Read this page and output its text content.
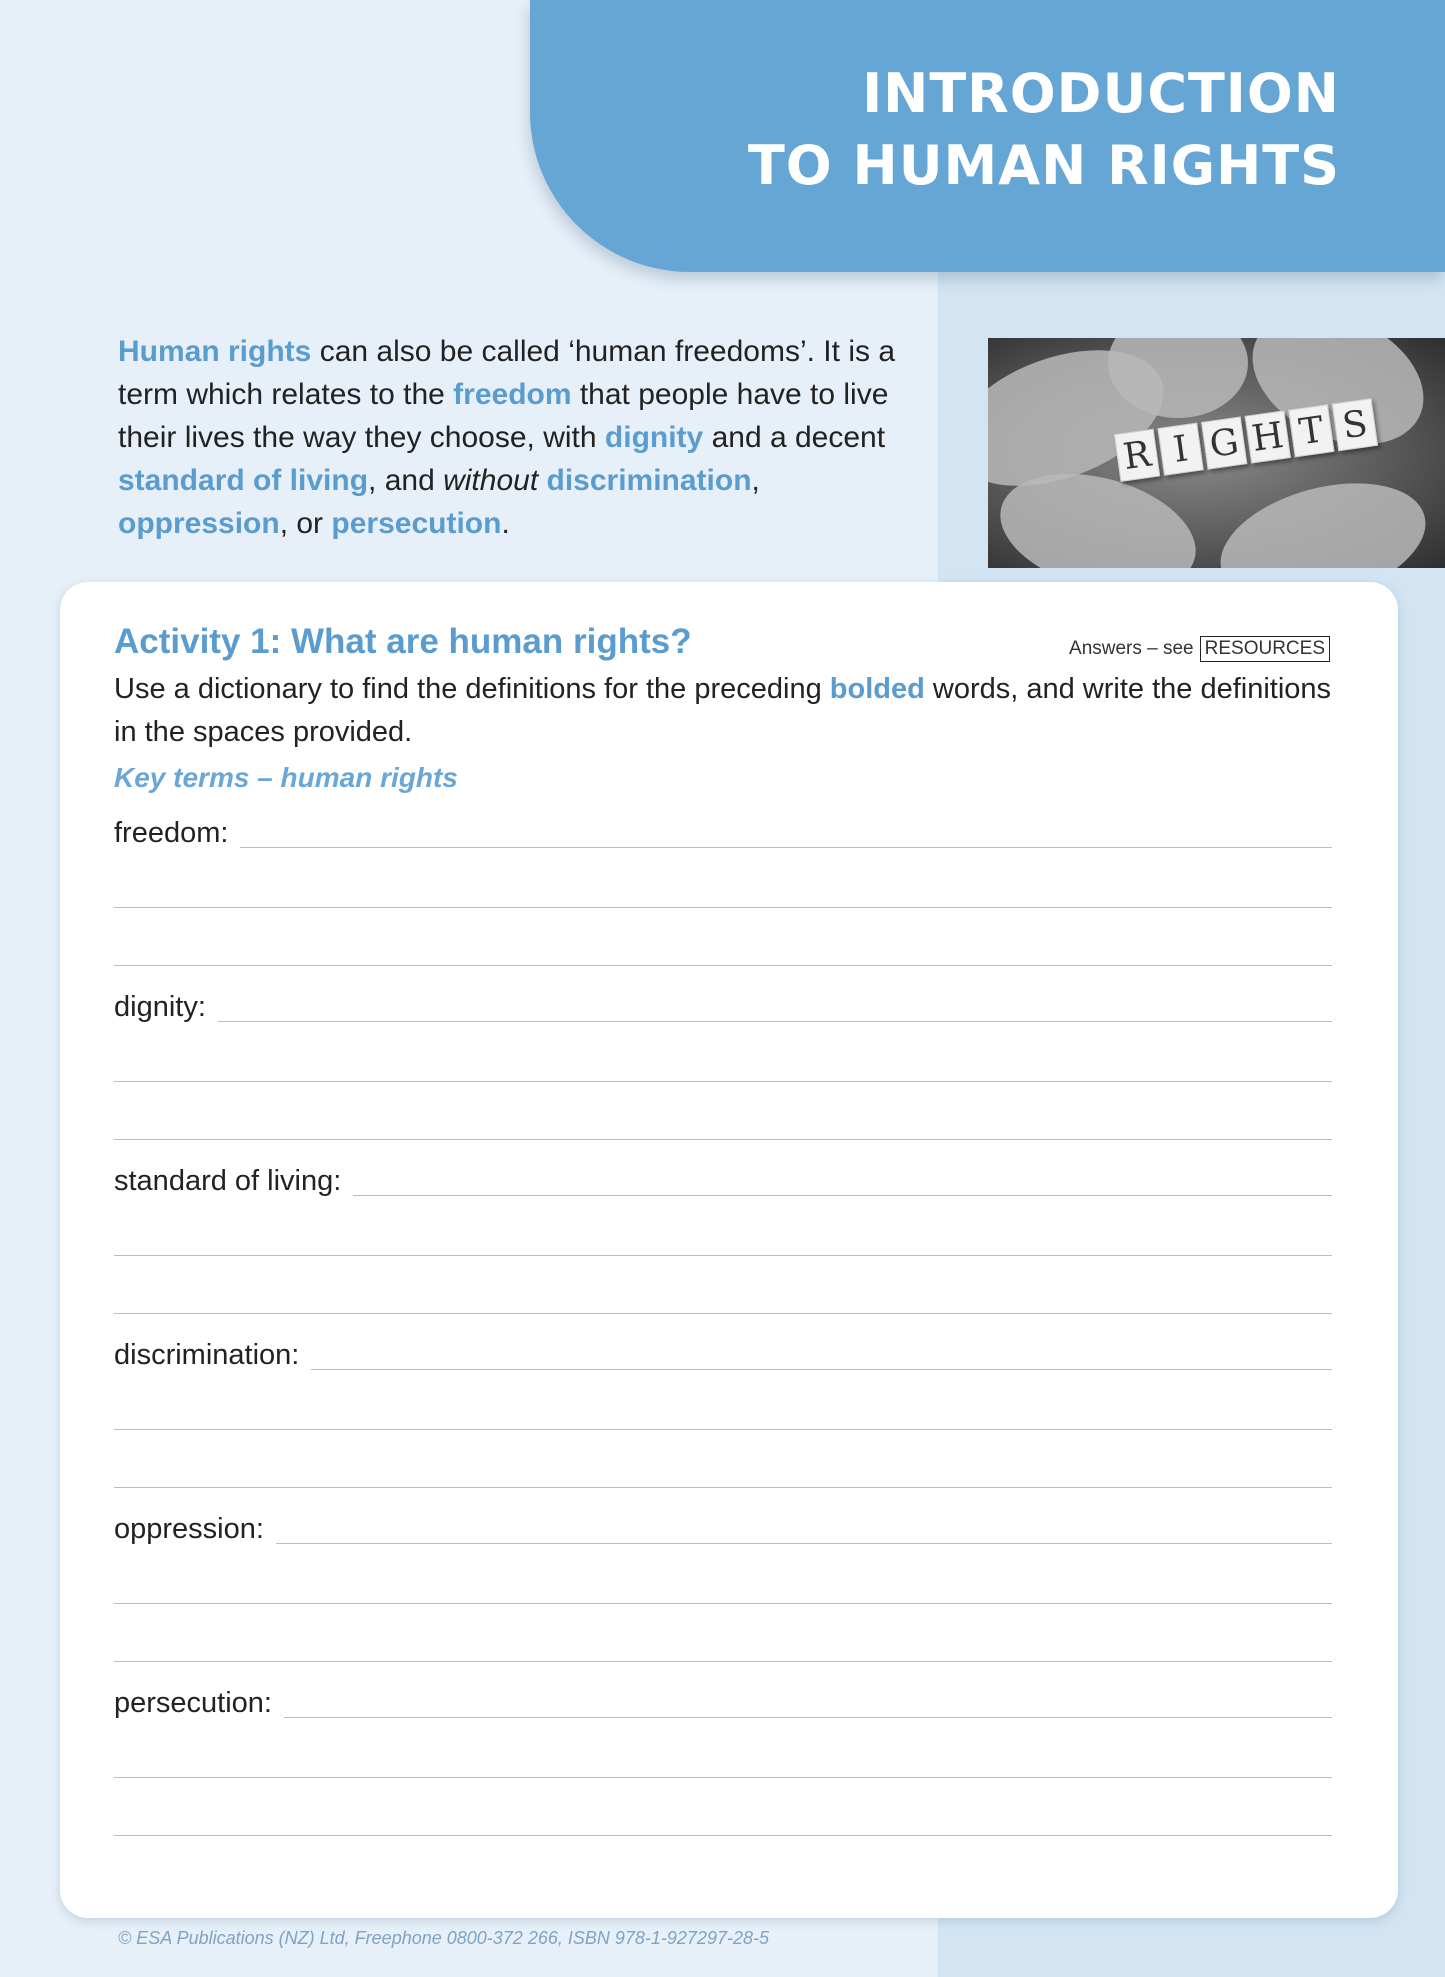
INTRODUCTION
TO HUMAN RIGHTS

Human rights can also be called ‘human freedoms’. It is a term which relates to the freedom that people have to live their lives the way they choose, with dignity and a decent standard of living, and without discrimination, oppression, or persecution.

R I G H T S
Activity 1: What are human rights?	Answers – see RESOURCES

Use a dictionary to find the definitions for the preceding bolded words, and write the definitions in the spaces provided.

Key terms – human rights
freedom:
dignity:
standard of living:
discrimination:
oppression:
persecution:
© ESA Publications (NZ) Ltd, Freephone 0800-372 266, ISBN 978-1-927297-28-5
